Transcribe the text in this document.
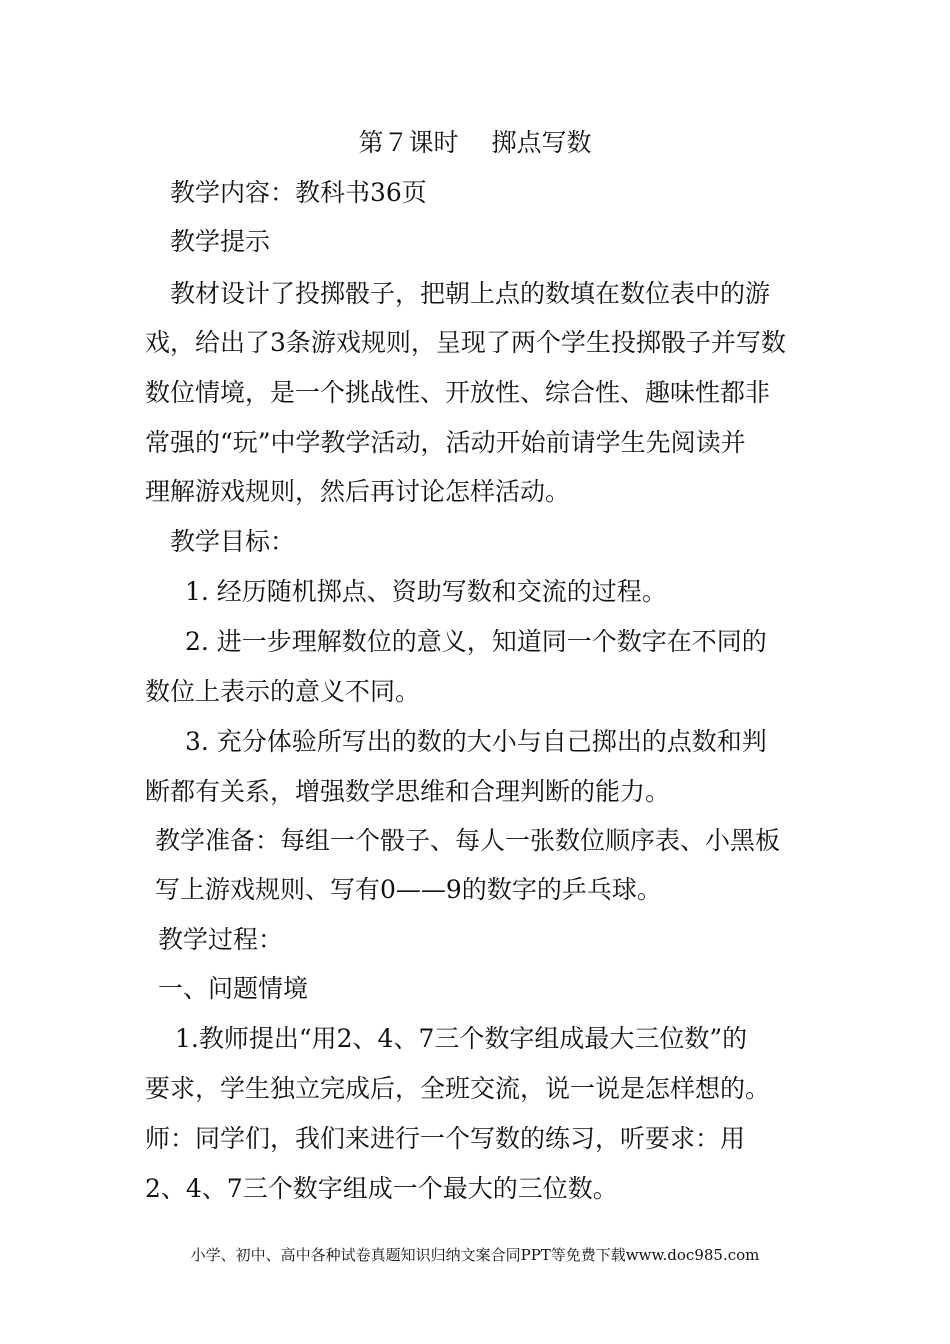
第７课时　 掷点写数
教学内容：教科书36页
教学提示
教材设计了投掷骰子，把朝上点的数填在数位表中的游
戏，给出了3条游戏规则，呈现了两个学生投掷骰子并写数
数位情境，是一个挑战性、开放性、综合性、趣味性都非
常强的“玩”中学教学活动，活动开始前请学生先阅读并
理解游戏规则，然后再讨论怎样活动。
教学目标：
1. 经历随机掷点、资助写数和交流的过程。
2. 进一步理解数位的意义，知道同一个数字在不同的
数位上表示的意义不同。
3. 充分体验所写出的数的大小与自己掷出的点数和判
断都有关系，增强数学思维和合理判断的能力。
教学准备：每组一个骰子、每人一张数位顺序表、小黑板
写上游戏规则、写有0——9的数字的乒乓球。
教学过程：
一、问题情境
1.教师提出“用2、4、7三个数字组成最大三位数”的
要求，学生独立完成后，全班交流，说一说是怎样想的。
师：同学们，我们来进行一个写数的练习，听要求：用
2、4、7三个数字组成一个最大的三位数。
小学、初中、高中各种试卷真题知识归纳文案合同PPT等免费下载www.doc985.com
